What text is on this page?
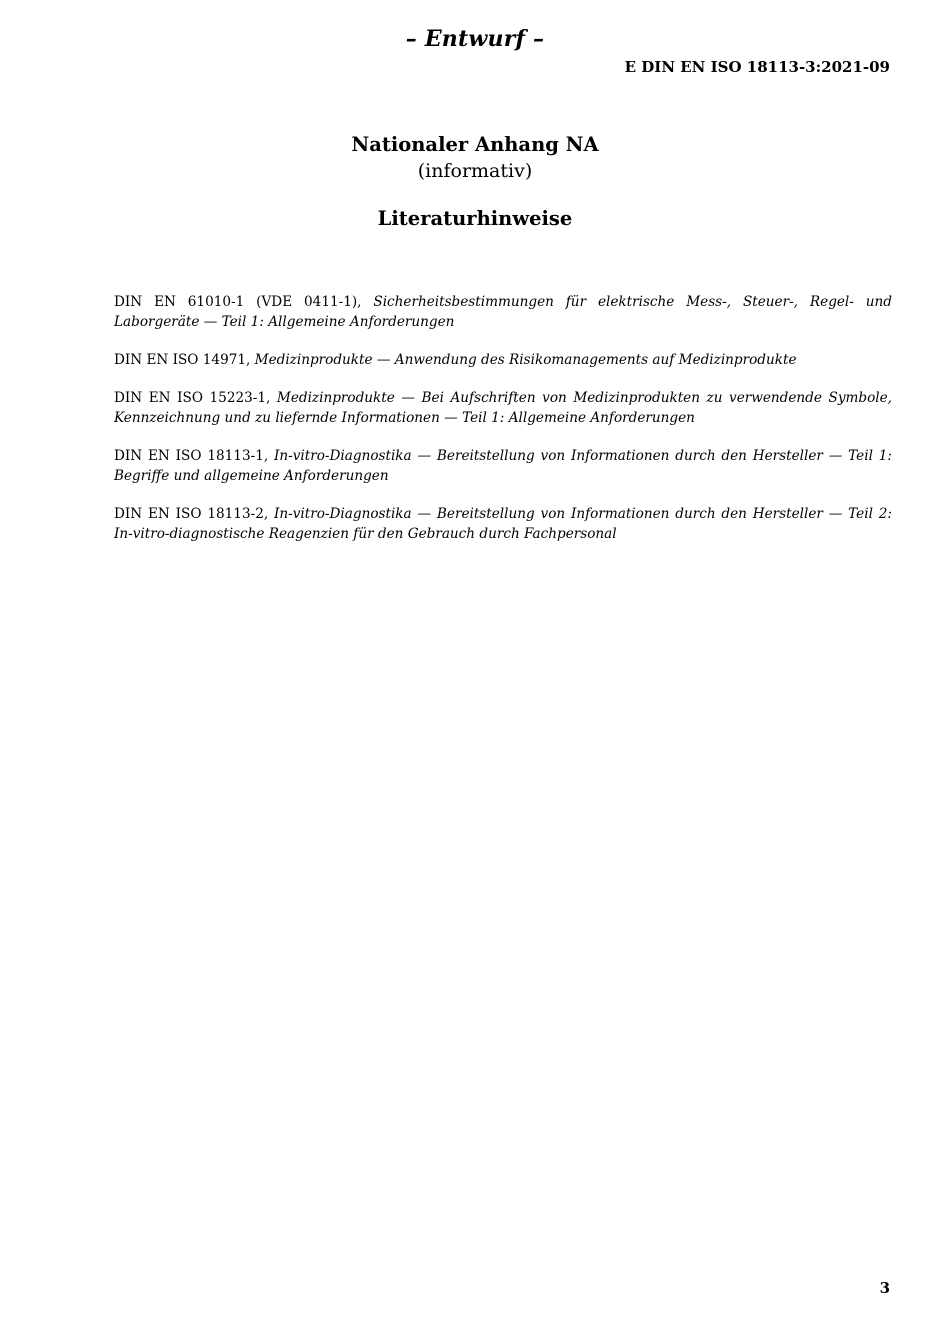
– Entwurf –
E DIN EN ISO 18113-3:2021-09

Nationaler Anhang NA

(informativ)

Literaturhinweise

DIN EN 61010-1 (VDE 0411-1), Sicherheitsbestimmungen für elektrische Mess-, Steuer-, Regel- und Laborgeräte — Teil 1: Allgemeine Anforderungen

DIN EN ISO 14971, Medizinprodukte — Anwendung des Risikomanagements auf Medizinprodukte

DIN EN ISO 15223-1, Medizinprodukte — Bei Aufschriften von Medizinprodukten zu verwendende Symbole, Kennzeichnung und zu liefernde Informationen — Teil 1: Allgemeine Anforderungen

DIN EN ISO 18113-1, In-vitro-Diagnostika — Bereitstellung von Informationen durch den Hersteller — Teil 1: Begriffe und allgemeine Anforderungen

DIN EN ISO 18113-2, In-vitro-Diagnostika — Bereitstellung von Informationen durch den Hersteller — Teil 2: In-vitro-diagnostische Reagenzien für den Gebrauch durch Fachpersonal

3
